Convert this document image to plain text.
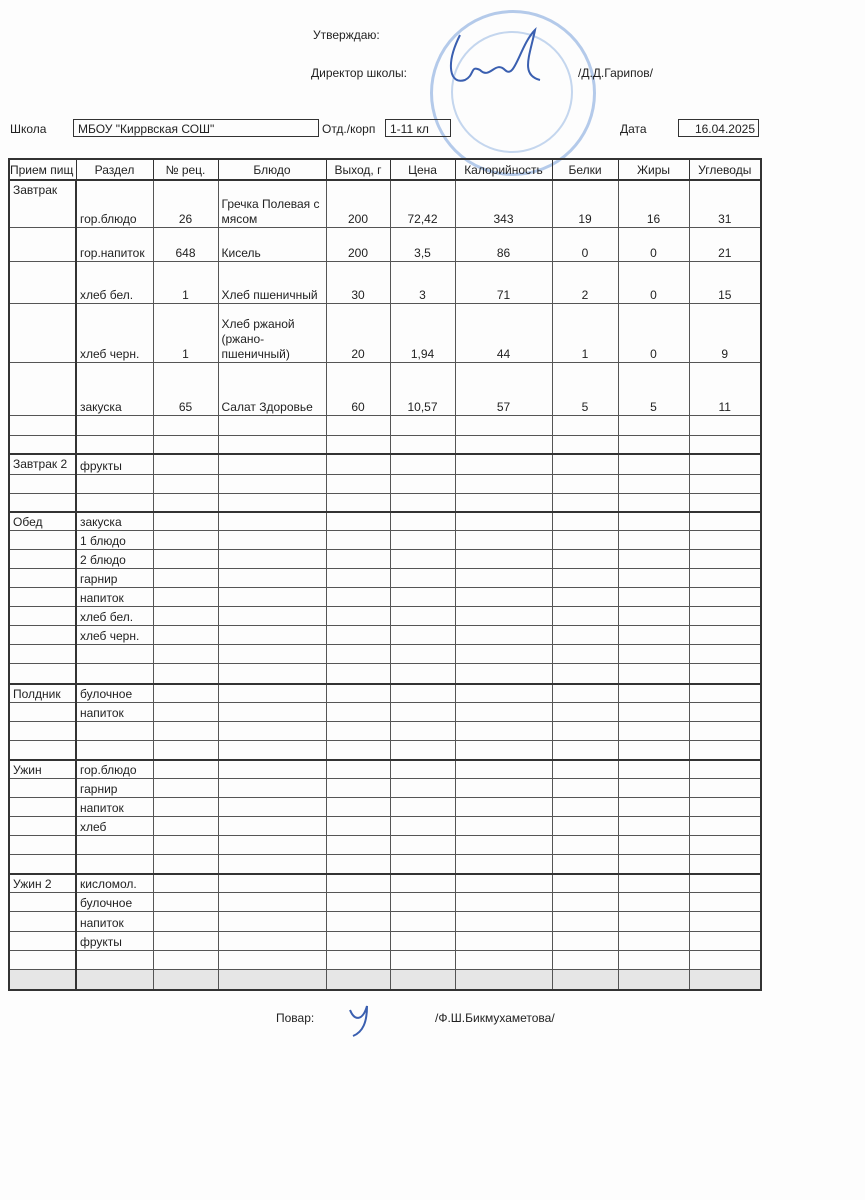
Утверждаю:
Директор школы:	/Д.Д.Гарипов/
Школа	МБОУ "Киррвская СОШ"	Отд./корп	1-11 кл	Дата	16.04.2025
Прием пищ	Раздел	№ рец.	Блюдо	Выход, г	Цена	Калорийность	Белки	Жиры	Углеводы
Завтрак	гор.блюдо	26	Гречка Полевая с мясом	200	72,42	343	19	16	31
	гор.напиток	648	Кисель	200	3,5	86	0	0	21
	хлеб бел.	1	Хлеб пшеничный	30	3	71	2	0	15
	хлеб черн.	1	Хлеб ржаной (ржано-пшеничный)	20	1,94	44	1	0	9
	закуска	65	Салат Здоровье	60	10,57	57	5	5	11

Завтрак 2	фрукты								

Обед	закуска								
	1 блюдо								
	2 блюдо								
	гарнир								
	напиток								
	хлеб бел.								
	хлеб черн.								

Полдник	булочное								
	напиток								

Ужин	гор.блюдо								
	гарнир								
	напиток								
	хлеб								

Ужин 2	кисломол.								
	булочное								
	напиток								
	фрукты								

Повар:	/Ф.Ш.Бикмухаметова/
